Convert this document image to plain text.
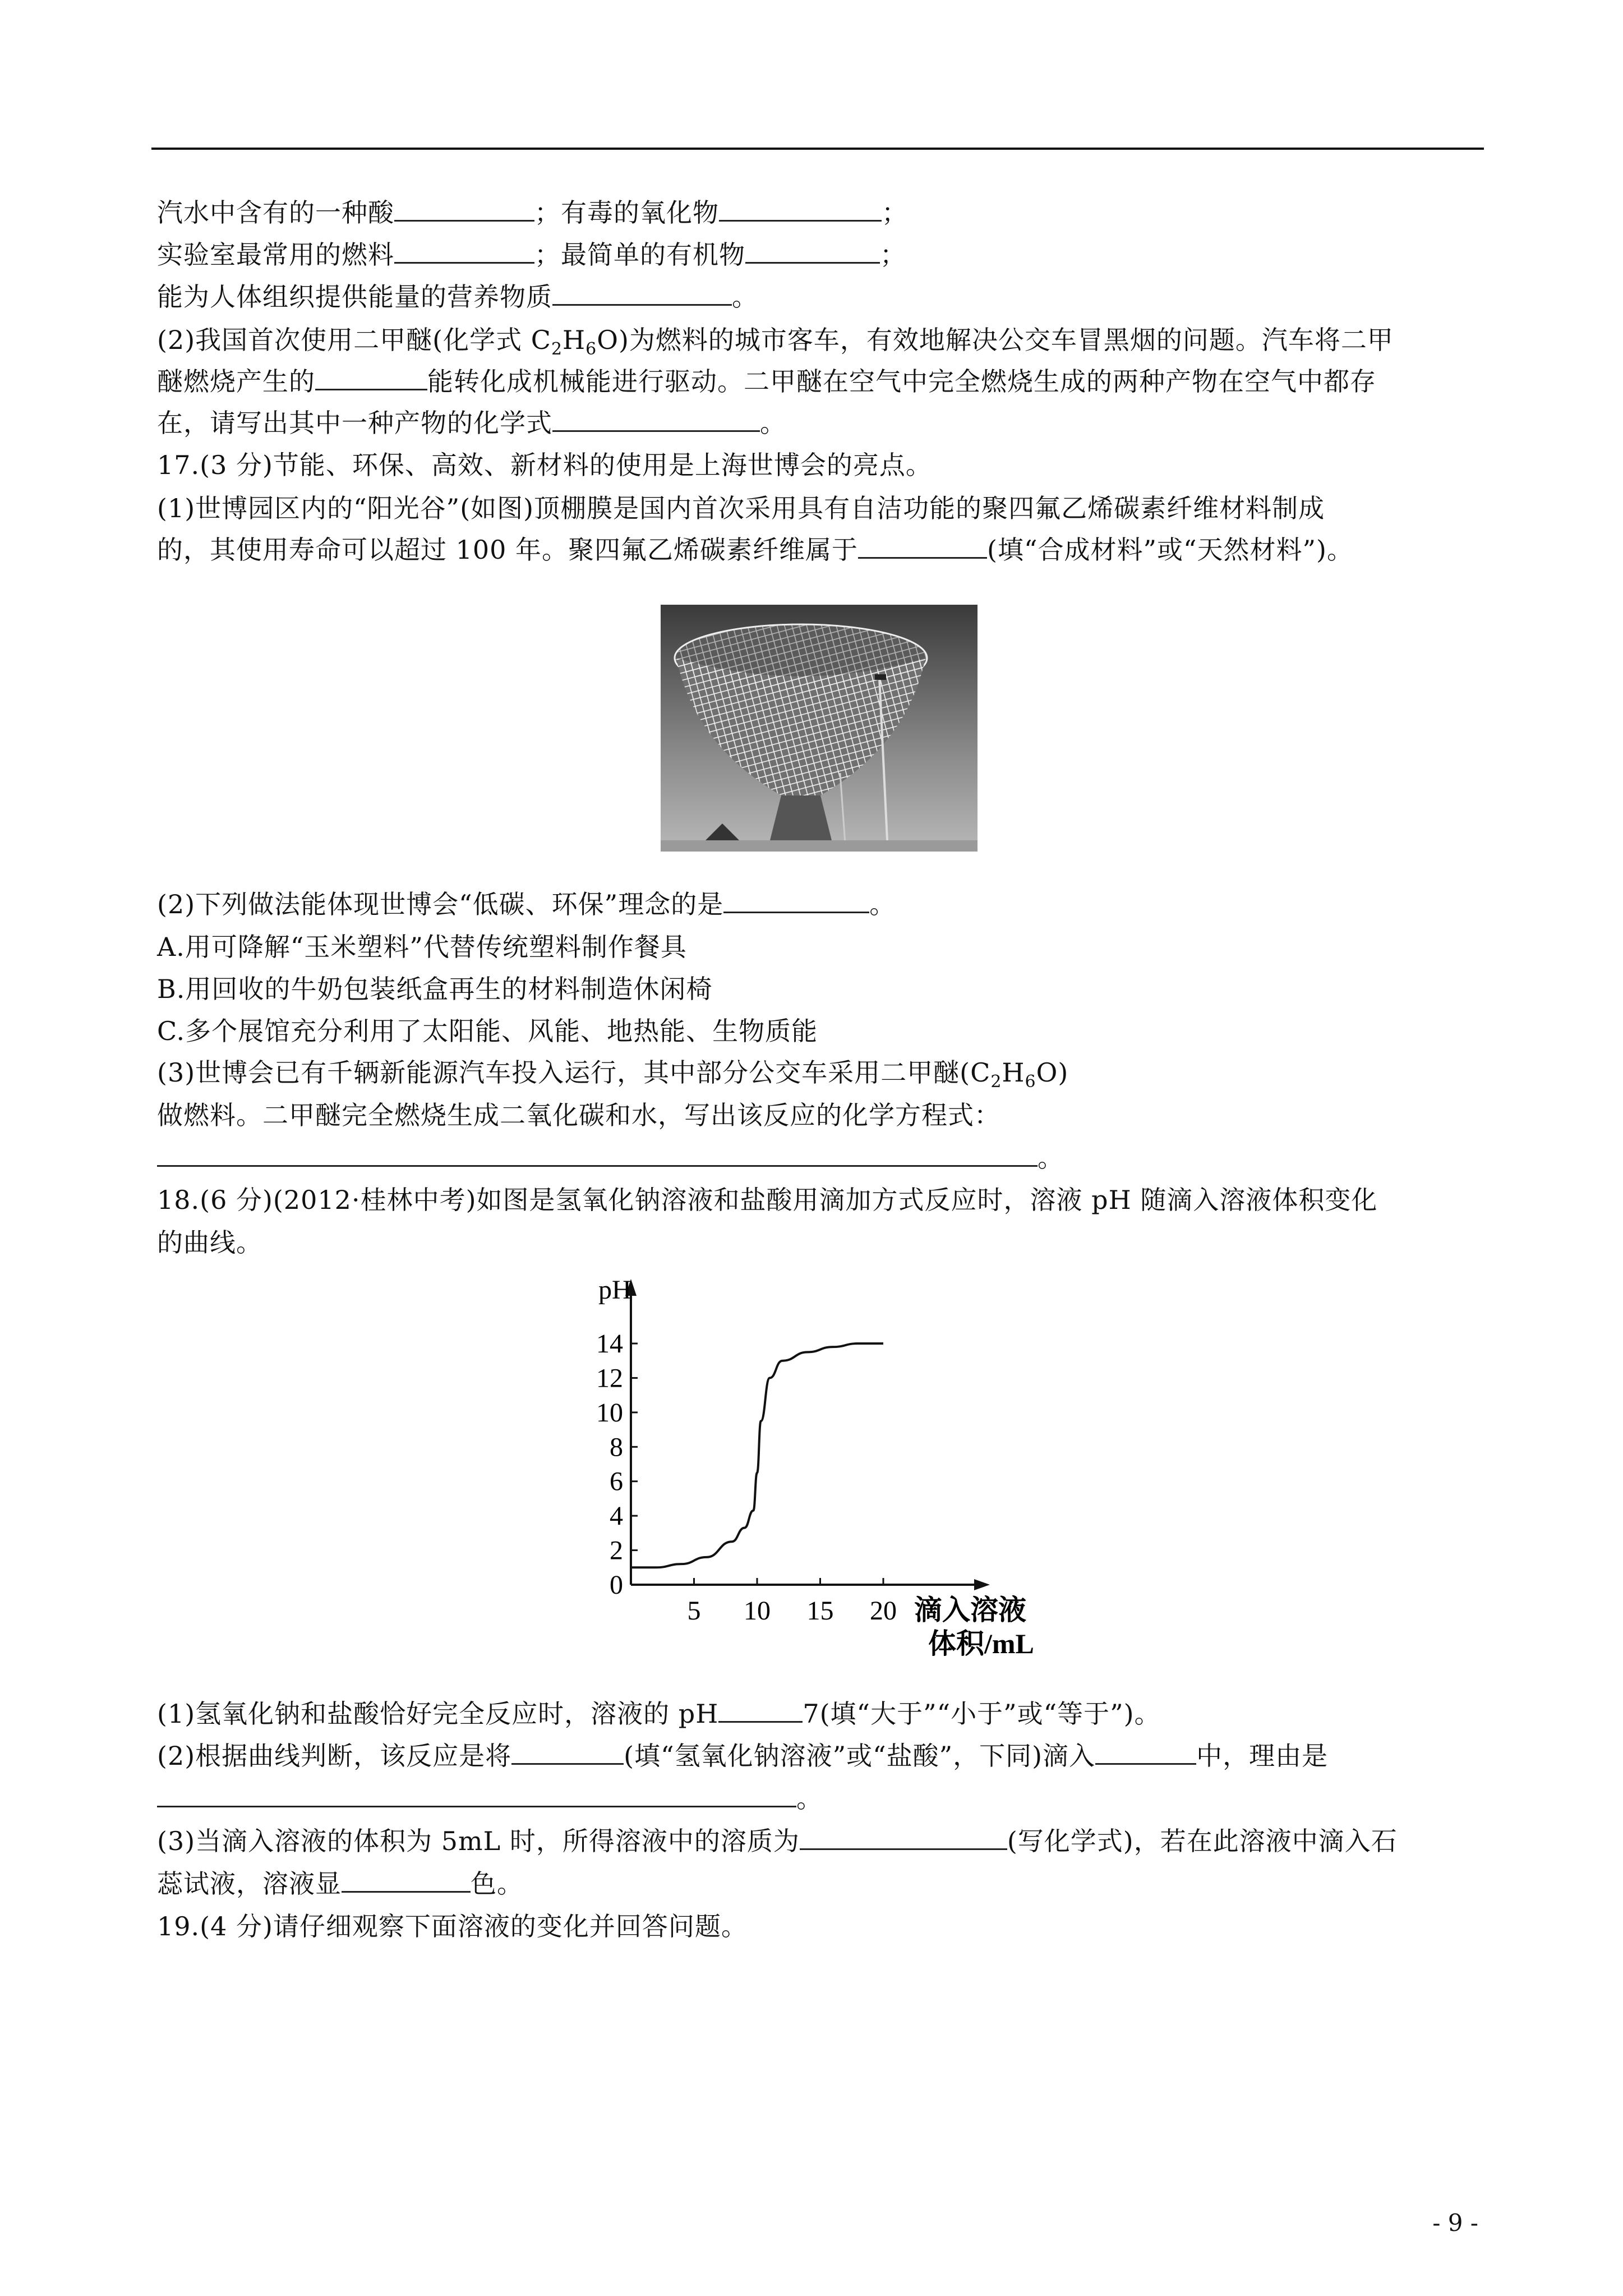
汽水中含有的一种酸	；有毒的氧化物	；
实验室最常用的燃料	；最简单的有机物	；
能为人体组织提供能量的营养物质	。
(2)我国首次使用二甲醚(化学式 $C_2H_6O$)为燃料的城市客车，有效地解决公交车冒黑烟的问题。汽车将二甲
醚燃烧产生的	能转化成机械能进行驱动。二甲醚在空气中完全燃烧生成的两种产物在空气中都存
在，请写出其中一种产物的化学式	。
17.(3 分)节能、环保、高效、新材料的使用是上海世博会的亮点。
(1)世博园区内的“阳光谷”(如图)顶棚膜是国内首次采用具有自洁功能的聚四氟乙烯碳素纤维材料制成
的，其使用寿命可以超过 100 年。聚四氟乙烯碳素纤维属于	(填“合成材料”或“天然材料”)。
(2)下列做法能体现世博会“低碳、环保”理念的是	。
A.用可降解“玉米塑料”代替传统塑料制作餐具
B.用回收的牛奶包装纸盒再生的材料制造休闲椅
C.多个展馆充分利用了太阳能、风能、地热能、生物质能
(3)世博会已有千辆新能源汽车投入运行，其中部分公交车采用二甲醚$(C_2H_6O)$
做燃料。二甲醚完全燃烧生成二氧化碳和水，写出该反应的化学方程式：
。
18.(6 分)(2012·桂林中考)如图是氢氧化钠溶液和盐酸用滴加方式反应时，溶液 pH 随滴入溶液体积变化
的曲线。
pH
0
2
4
6
8
10
12
14
5 10 15 20 滴入溶液
体积/mL
(1)氢氧化钠和盐酸恰好完全反应时，溶液的 pH	7(填“大于”“小于”或“等于”)。
(2)根据曲线判断，该反应是将	(填“氢氧化钠溶液”或“盐酸”，下同)滴入	中，理由是
。
(3)当滴入溶液的体积为 5mL 时，所得溶液中的溶质为	(写化学式)，若在此溶液中滴入石
蕊试液，溶液显	色。
19.(4 分)请仔细观察下面溶液的变化并回答问题。
- 9 -
